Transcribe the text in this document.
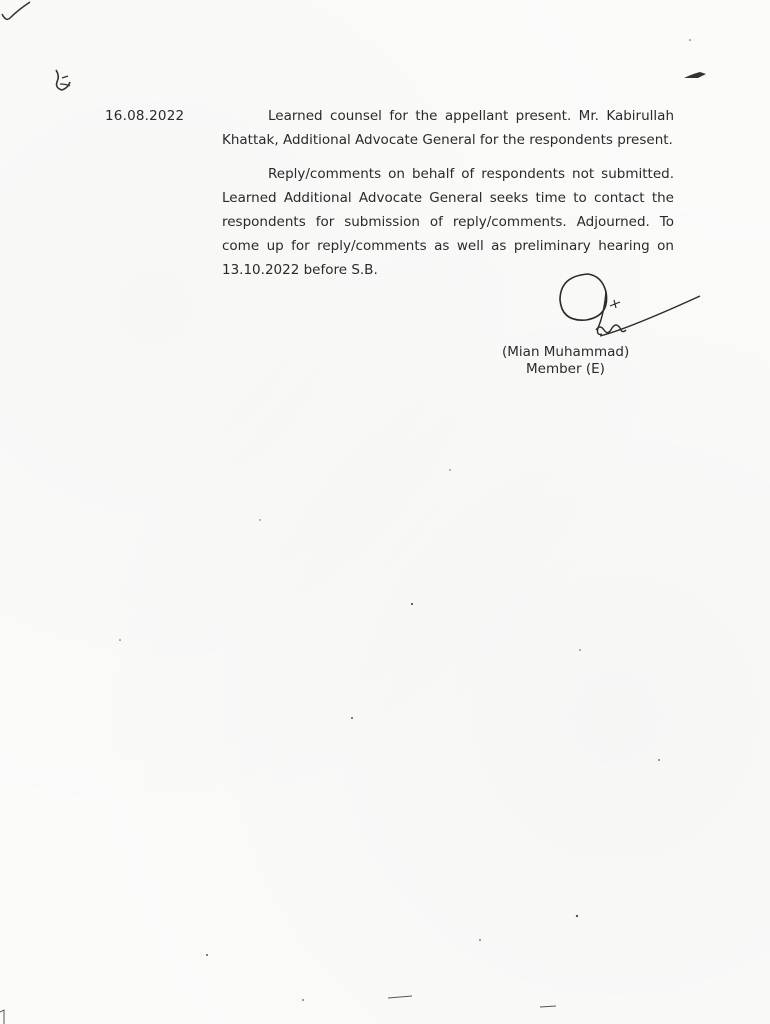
16.08.2022	Learned counsel for the appellant present. Mr. Kabirullah Khattak, Additional Advocate General for the respondents present.

Reply/comments on behalf of respondents not submitted. Learned Additional Advocate General seeks time to contact the respondents for submission of reply/comments. Adjourned. To come up for reply/comments as well as preliminary hearing on 13.10.2022 before S.B.

(Mian Muhammad)
Member (E)
